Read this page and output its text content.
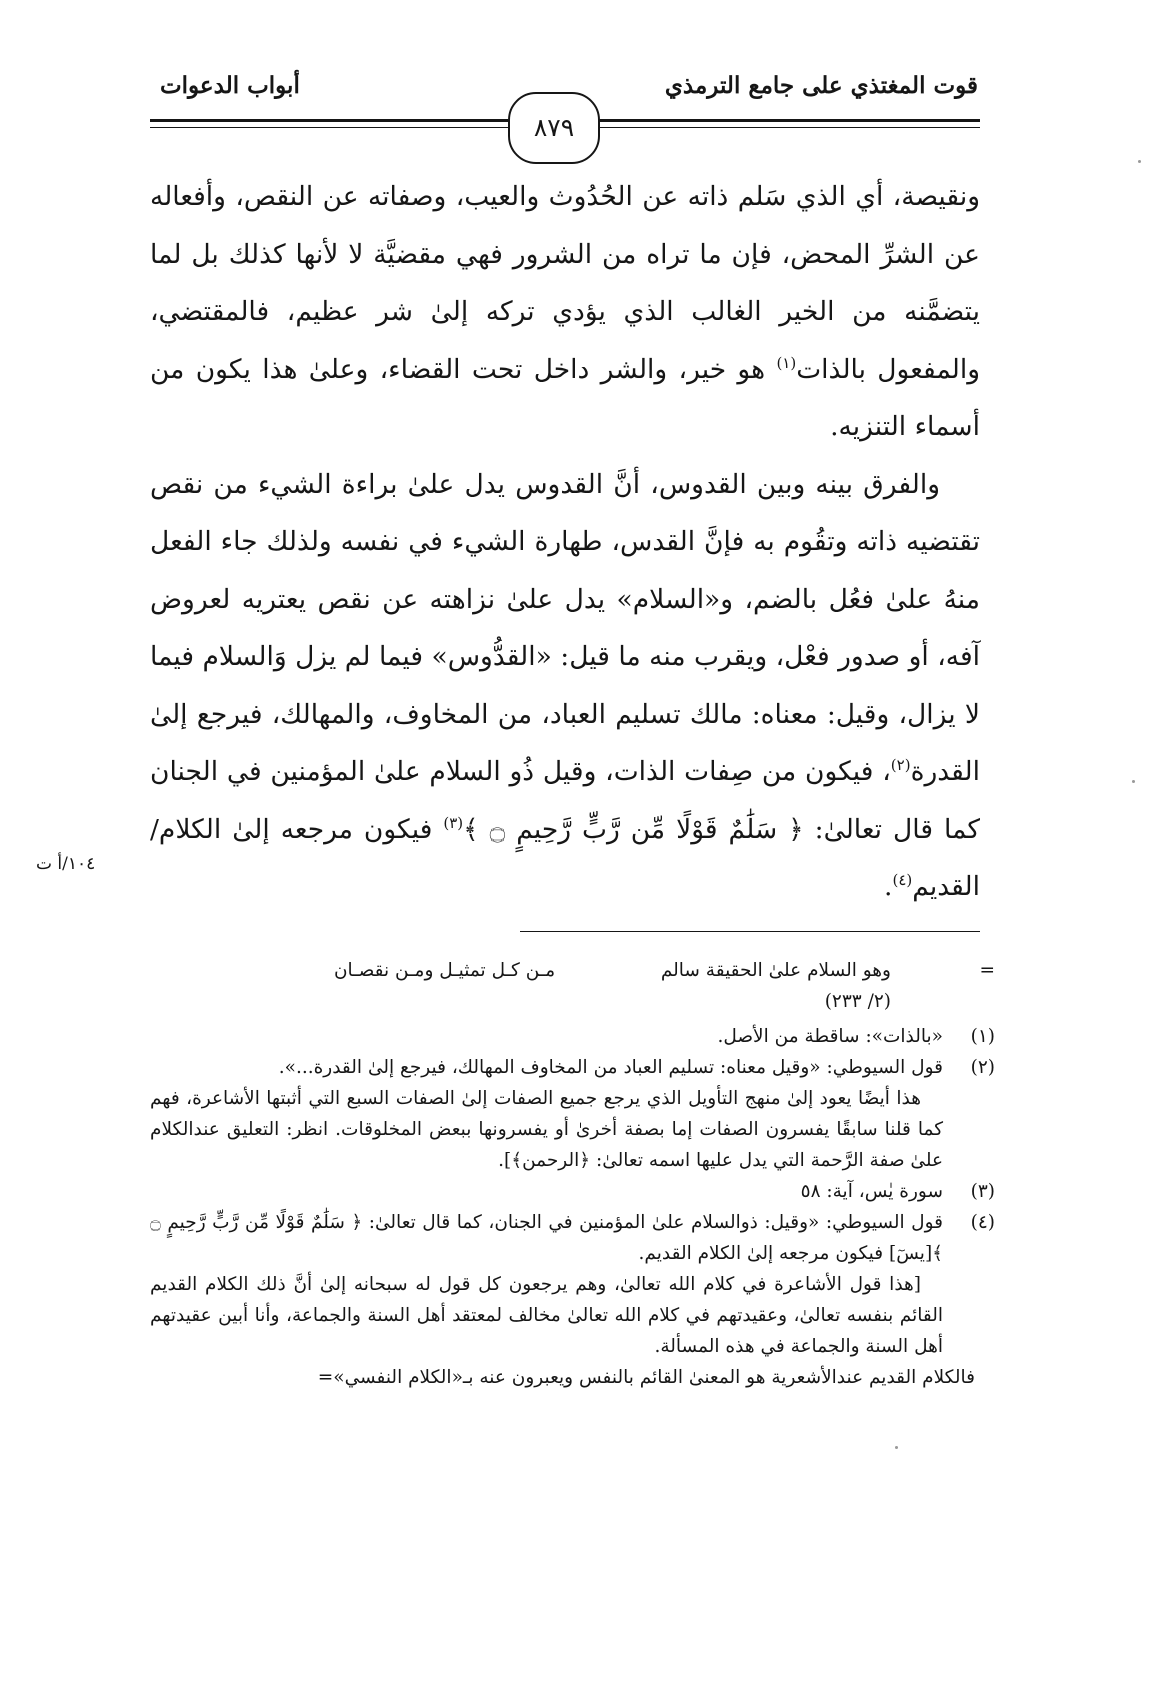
قوت المغتذي على جامع الترمذي
أبواب الدعوات
٨٧٩

ونقيصة، أي الذي سَلم ذاته عن الحُدُوث والعيب، وصفاته عن النقص، وأفعاله عن الشرِّ المحض، فإن ما تراه من الشرور فهي مقضيَّة لا لأنها كذلك بل لما يتضمَّنه من الخير الغالب الذي يؤدي تركه إلىٰ شر عظيم، فالمقتضي، والمفعول بالذات$^{(١)}$ هو خير، والشر داخل تحت القضاء، وعلىٰ هذا يكون من أسماء التنزيه.

والفرق بينه وبين القدوس، أنَّ القدوس يدل علىٰ براءة الشيء من نقص تقتضيه ذاته وتقُوم به فإنَّ القدس، طهارة الشيء في نفسه ولذلك جاء الفعل منهُ علىٰ فعُل بالضم، و«السلام» يدل علىٰ نزاهته عن نقص يعتريه لعروض آفه، أو صدور فعْل، ويقرب منه ما قيل: «القدُّوس» فيما لم يزل وَالسلام فيما لا يزال، وقيل: معناه: مالك تسليم العباد، من المخاوف، والمهالك، فيرجع إلىٰ القدرة$^{(٢)}$، فيكون من صِفات الذات، وقيل ذُو السلام علىٰ المؤمنين في الجنان كما قال تعالىٰ: ﴿ سَلَٰمٌ قَوْلًا مِّن رَّبٍّ رَّحِيمٍ ۝ ﴾$^{(٣)}$ فيكون مرجعه إلىٰ الكلام/ القديم$^{(٤)}$.

١٠٤/أ ت
=
وهو السلام علىٰ الحقيقة سالم مـن كـل تمثيـل ومـن نقصـان
(٢/ ٢٣٣)
(١)
«بالذات»: ساقطة من الأصل.
(٢)
قول السيوطي: «وقيل معناه: تسليم العباد من المخاوف المهالك، فيرجع إلىٰ القدرة...».
هذا أيضًا يعود إلىٰ منهج التأويل الذي يرجع جميع الصفات إلىٰ الصفات السبع التي أثبتها الأشاعرة، فهم كما قلنا سابقًا يفسرون الصفات إما بصفة أخرىٰ أو يفسرونها ببعض المخلوقات. انظر: التعليق عندالكلام علىٰ صفة الرَّحمة التي يدل عليها اسمه تعالىٰ: ﴿الرحمن﴾].
(٣)
سورة يٰس، آية: ٥٨
(٤)
قول السيوطي: «وقيل: ذوالسلام علىٰ المؤمنين في الجنان، كما قال تعالىٰ: ﴿ سَلَٰمٌ قَوْلًا مِّن رَّبٍّ رَّحِيمٍ ۝ ﴾[يسٓ] فيكون مرجعه إلىٰ الكلام القديم.
[هذا قول الأشاعرة في كلام الله تعالىٰ، وهم يرجعون كل قول له سبحانه إلىٰ أنَّ ذلك الكلام القديم القائم بنفسه تعالىٰ، وعقيدتهم في كلام الله تعالىٰ مخالف لمعتقد أهل السنة والجماعة، وأنا أبين عقيدتهم أهل السنة والجماعة في هذه المسألة.
فالكلام القديم عندالأشعرية هو المعنىٰ القائم بالنفس ويعبرون عنه بـ«الكلام النفسي»=
